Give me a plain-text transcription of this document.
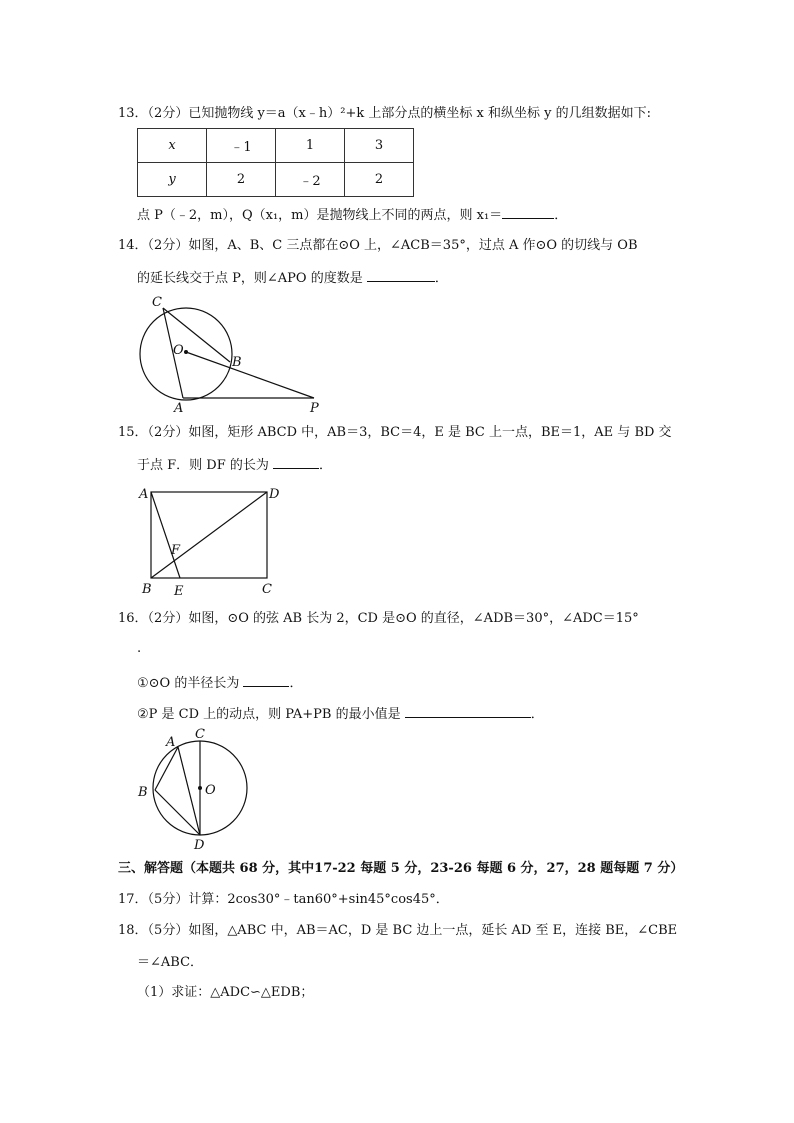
13．（2分）已知抛物线 y＝a（x﹣h）²+k 上部分点的横坐标 x 和纵坐标 y 的几组数据如下:
x	﹣1	1	3
y	2	﹣2	2
点 P（﹣2，m），Q（x₁，m）是抛物线上不同的两点，则 x₁＝	．
14．（2分）如图，A、B、C 三点都在⊙O 上，∠ACB＝35°，过点 A 作⊙O 的切线与 OB
的延长线交于点 P，则∠APO 的度数是	．
C
O
B
A	P
15．（2分）如图，矩形 ABCD 中，AB＝3，BC＝4，E 是 BC 上一点，BE＝1，AE 与 BD 交
于点 F．则 DF 的长为	．
A	D
F
B E	C
16．（2分）如图，⊙O 的弦 AB 长为 2，CD 是⊙O 的直径，∠ADB＝30°，∠ADC＝15°
.
①⊙O 的半径长为	．
②P 是 CD 上的动点，则 PA+PB 的最小值是	．
A
C
B	O
D
三、解答题（本题共 68 分，其中17-22 每题 5 分，23-26 每题 6 分，27，28 题每题 7 分）
17．（5分）计算：2cos30°﹣tan60°+sin45°cos45°．
18．（5分）如图，△ABC 中，AB＝AC，D 是 BC 边上一点，延长 AD 至 E，连接 BE，∠CBE
＝∠ABC．
（1）求证：△ADC∽△EDB；
